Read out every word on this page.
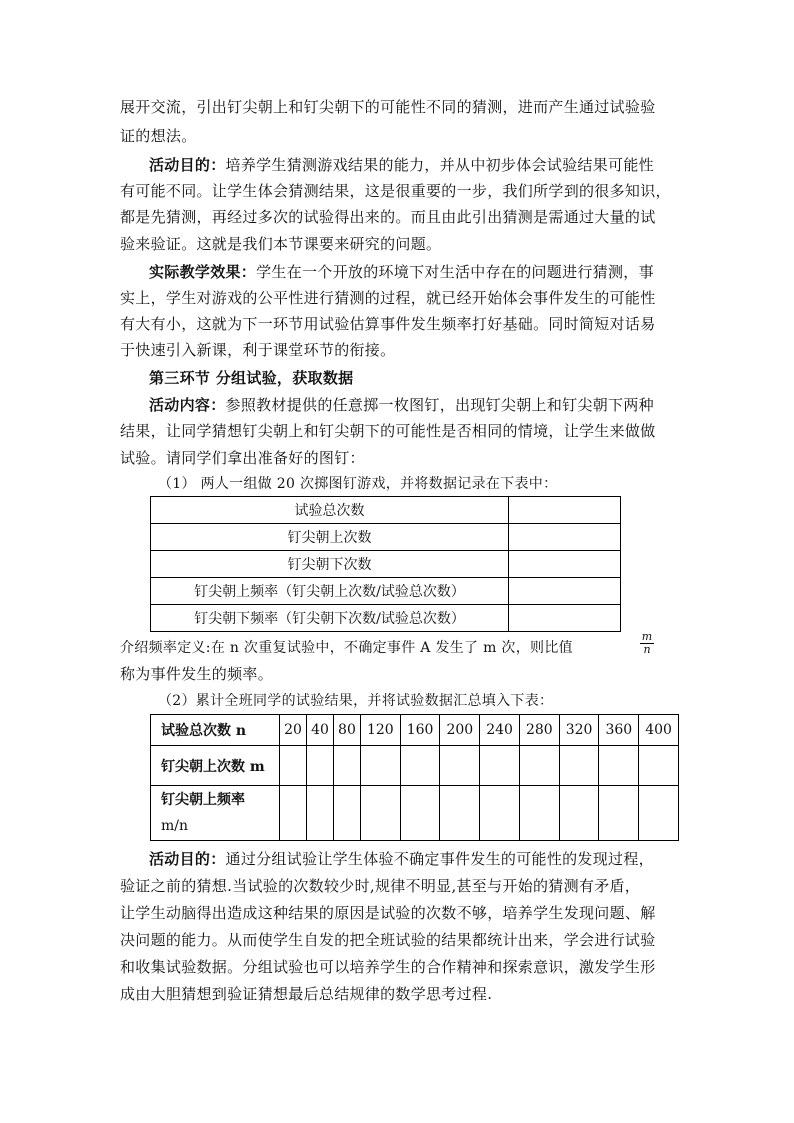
展开交流，引出钉尖朝上和钉尖朝下的可能性不同的猜测，进而产生通过试验验
证的想法。
活动目的：培养学生猜测游戏结果的能力，并从中初步体会试验结果可能性
有可能不同。让学生体会猜测结果，这是很重要的一步，我们所学到的很多知识，
都是先猜测，再经过多次的试验得出来的。而且由此引出猜测是需通过大量的试
验来验证。这就是我们本节课要来研究的问题。
实际教学效果：学生在一个开放的环境下对生活中存在的问题进行猜测，事
实上，学生对游戏的公平性进行猜测的过程，就已经开始体会事件发生的可能性
有大有小，这就为下一环节用试验估算事件发生频率打好基础。同时简短对话易
于快速引入新课，利于课堂环节的衔接。
第三环节 分组试验，获取数据
活动内容：参照教材提供的任意掷一枚图钉，出现钉尖朝上和钉尖朝下两种
结果，让同学猜想钉尖朝上和钉尖朝下的可能性是否相同的情境，让学生来做做
试验。请同学们拿出准备好的图钉：
（1） 两人一组做 20 次掷图钉游戏，并将数据记录在下表中：
试验总次数	
钉尖朝上次数	
钉尖朝下次数	
钉尖朝上频率（钉尖朝上次数/试验总次数）	
钉尖朝下频率（钉尖朝下次数/试验总次数）	
介绍频率定义:在 n 次重复试验中，不确定事件 A 发生了 m 次，则比值	$\frac{m}{n}$
称为事件发生的频率。
（2）累计全班同学的试验结果，并将试验数据汇总填入下表：
试验总次数 n	20	40	80	120	160	200	240	280	320	360	400
钉尖朝上次数 m											
钉尖朝上频率
m/n											
活动目的：通过分组试验让学生体验不确定事件发生的可能性的发现过程，
验证之前的猜想.当试验的次数较少时,规律不明显,甚至与开始的猜测有矛盾，
让学生动脑得出造成这种结果的原因是试验的次数不够，培养学生发现问题、解
决问题的能力。从而使学生自发的把全班试验的结果都统计出来，学会进行试验
和收集试验数据。分组试验也可以培养学生的合作精神和探索意识，激发学生形
成由大胆猜想到验证猜想最后总结规律的数学思考过程.
